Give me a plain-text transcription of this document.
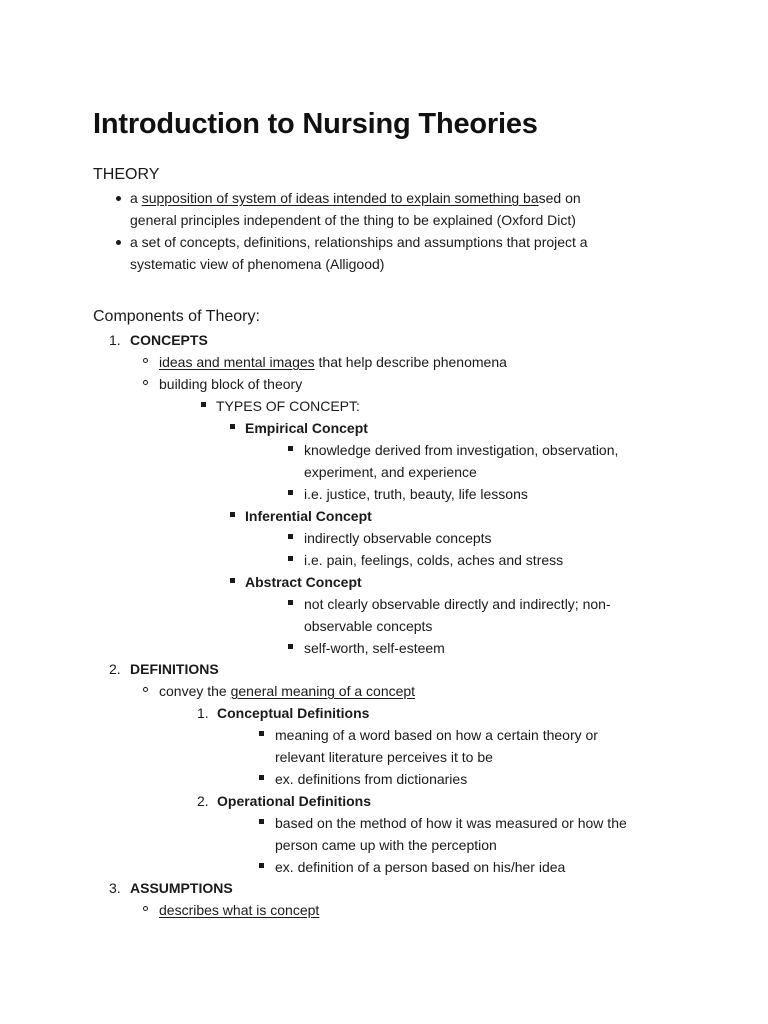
Introduction to Nursing Theories
THEORY
a supposition of system of ideas intended to explain something based on
general principles independent of the thing to be explained (Oxford Dict)
a set of concepts, definitions, relationships and assumptions that project a
systematic view of phenomena (Alligood)
Components of Theory:
1. CONCEPTS
ideas and mental images that help describe phenomena
building block of theory
TYPES OF CONCEPT:
Empirical Concept
knowledge derived from investigation, observation,
experiment, and experience
i.e. justice, truth, beauty, life lessons
Inferential Concept
indirectly observable concepts
i.e. pain, feelings, colds, aches and stress
Abstract Concept
not clearly observable directly and indirectly; non-
observable concepts
self-worth, self-esteem
2. DEFINITIONS
convey the general meaning of a concept
1. Conceptual Definitions
meaning of a word based on how a certain theory or
relevant literature perceives it to be
ex. definitions from dictionaries
2. Operational Definitions
based on the method of how it was measured or how the
person came up with the perception
ex. definition of a person based on his/her idea
3. ASSUMPTIONS
describes what is concept
